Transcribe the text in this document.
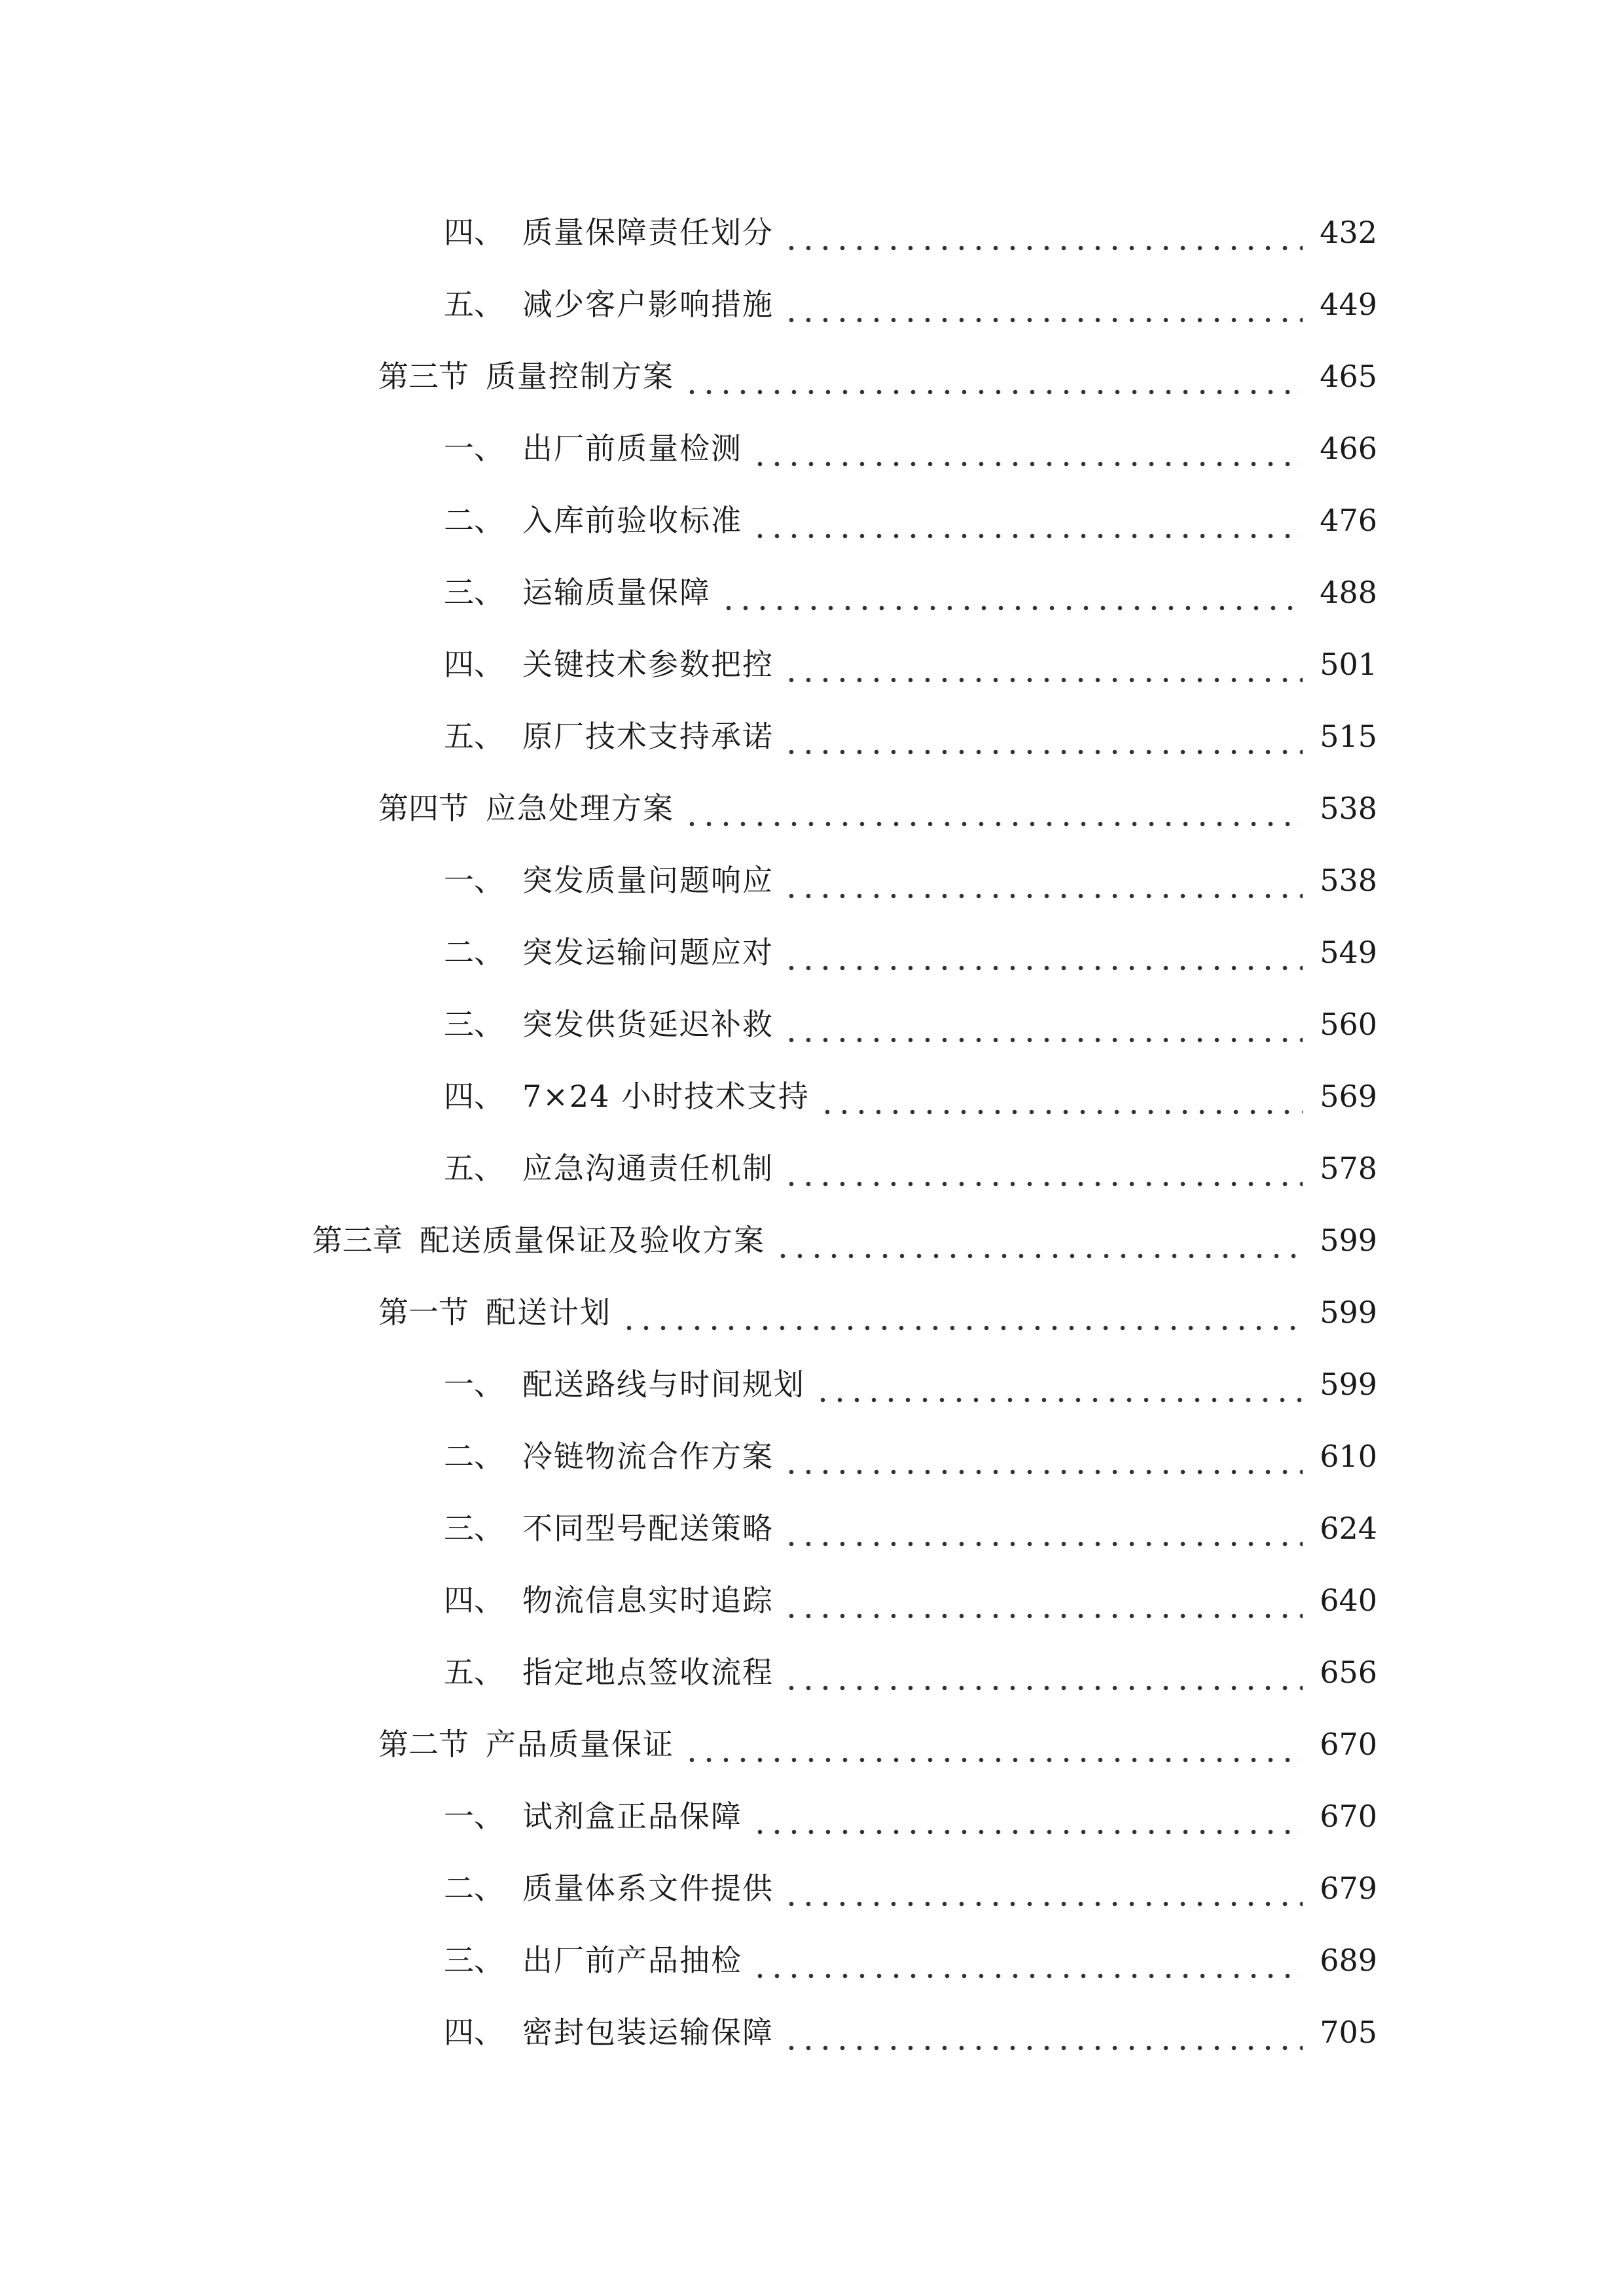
四、 质量保障责任划分	432
五、 减少客户影响措施	449
第三节 质量控制方案	465
一、 出厂前质量检测	466
二、 入库前验收标准	476
三、 运输质量保障	488
四、 关键技术参数把控	501
五、 原厂技术支持承诺	515
第四节 应急处理方案	538
一、 突发质量问题响应	538
二、 突发运输问题应对	549
三、 突发供货延迟补救	560
四、 7×24 小时技术支持	569
五、 应急沟通责任机制	578
第三章 配送质量保证及验收方案	599
第一节 配送计划	599
一、 配送路线与时间规划	599
二、 冷链物流合作方案	610
三、 不同型号配送策略	624
四、 物流信息实时追踪	640
五、 指定地点签收流程	656
第二节 产品质量保证	670
一、 试剂盒正品保障	670
二、 质量体系文件提供	679
三、 出厂前产品抽检	689
四、 密封包装运输保障	705
